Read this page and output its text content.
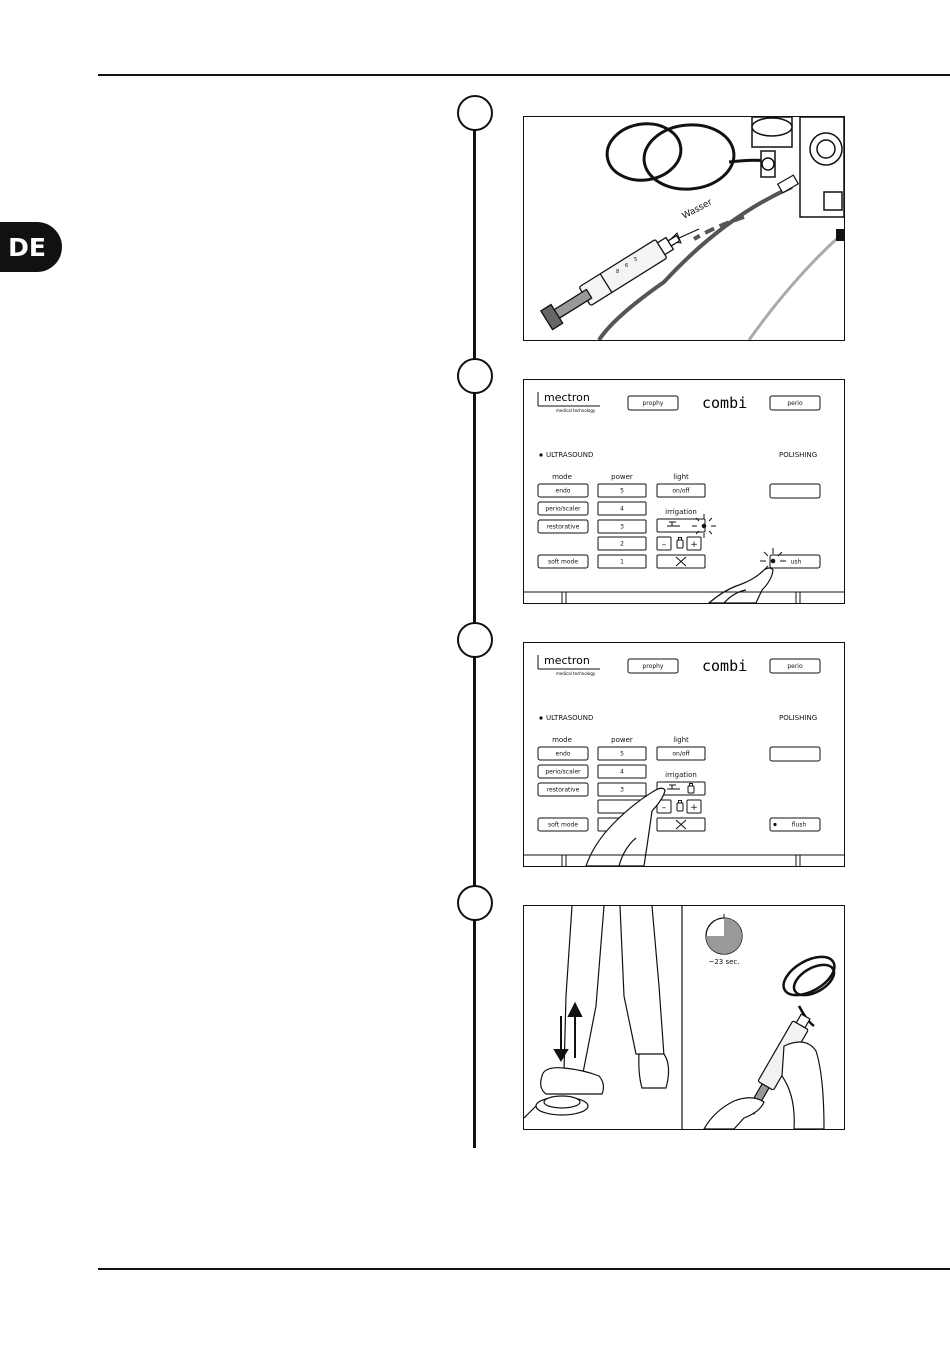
DE
Wasser
8
6
5
mectron
medical technology
prophy	combi	perio
ULTRASOUND	POLISHING
mode	power	light
endo
perio/scaler
restorative
soft mode
5
4
3
2
1
on/off
irrigation
–	+
ush
mectron
medical technology
prophy	combi	perio
ULTRASOUND	POLISHING
mode	power	light
endo
perio/scaler
restorative
soft mode
5
4
3
on/off
irrigation
–	+
flush
~23 sec.
